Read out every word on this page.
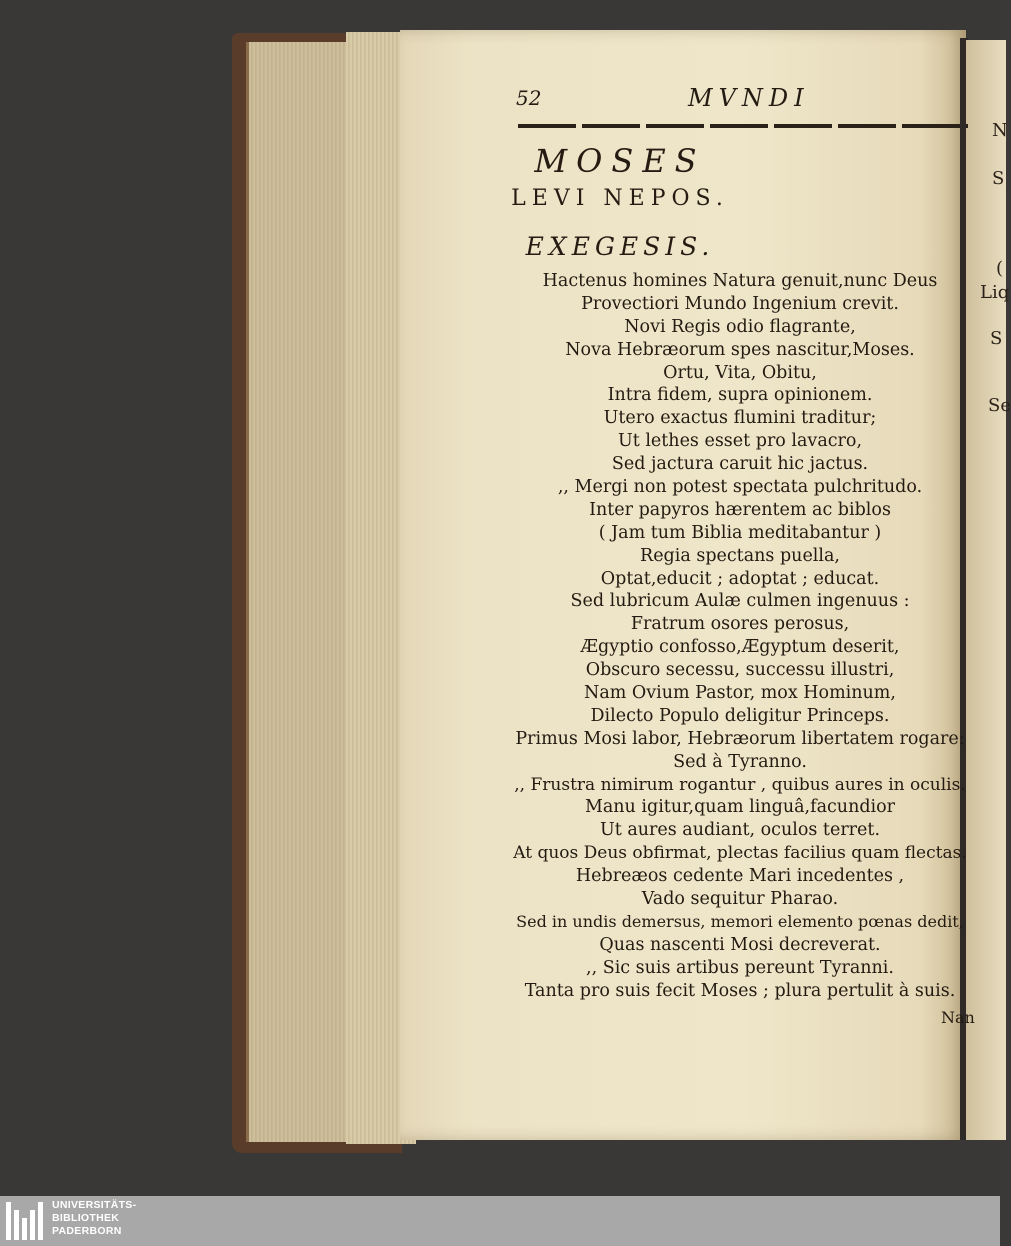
N
S
(
Liq
S
Se
52	MVNDI
MOSES
LEVI NEPOS.
EXEGESIS.
Hactenus homines Natura genuit,nunc Deus
Provectiori Mundo Ingenium crevit.
Novi Regis odio flagrante,
Nova Hebræorum spes nascitur,Moses.
Ortu, Vita, Obitu,
Intra fidem, supra opinionem.
Utero exactus flumini traditur;
Ut lethes esset pro lavacro,
Sed jactura caruit hic jactus.
,, Mergi non potest spectata pulchritudo.
Inter papyros hærentem ac biblos
( Jam tum Biblia meditabantur )
Regia spectans puella,
Optat,educit ; adoptat ; educat.
Sed lubricum Aulæ culmen ingenuus :
Fratrum osores perosus,
Ægyptio confosso,Ægyptum deserit,
Obscuro secessu, successu illustri,
Nam Ovium Pastor, mox Hominum,
Dilecto Populo deligitur Princeps.
Primus Mosi labor, Hebræorum libertatem rogare:
Sed à Tyranno.
,, Frustra nimirum rogantur , quibus aures in oculis.
Manu igitur,quam linguâ,facundior
Ut aures audiant, oculos terret.
At quos Deus obfirmat, plectas facilius quam flectas.
Hebreæos cedente Mari incedentes ,
Vado sequitur Pharao.
Sed in undis demersus, memori elemento pœnas dedit,
Quas nascenti Mosi decreverat.
,, Sic suis artibus pereunt Tyranni.
Tanta pro suis fecit Moses ; plura pertulit à suis.
Nan
UNIVERSITÄTS-
BIBLIOTHEK
PADERBORN
